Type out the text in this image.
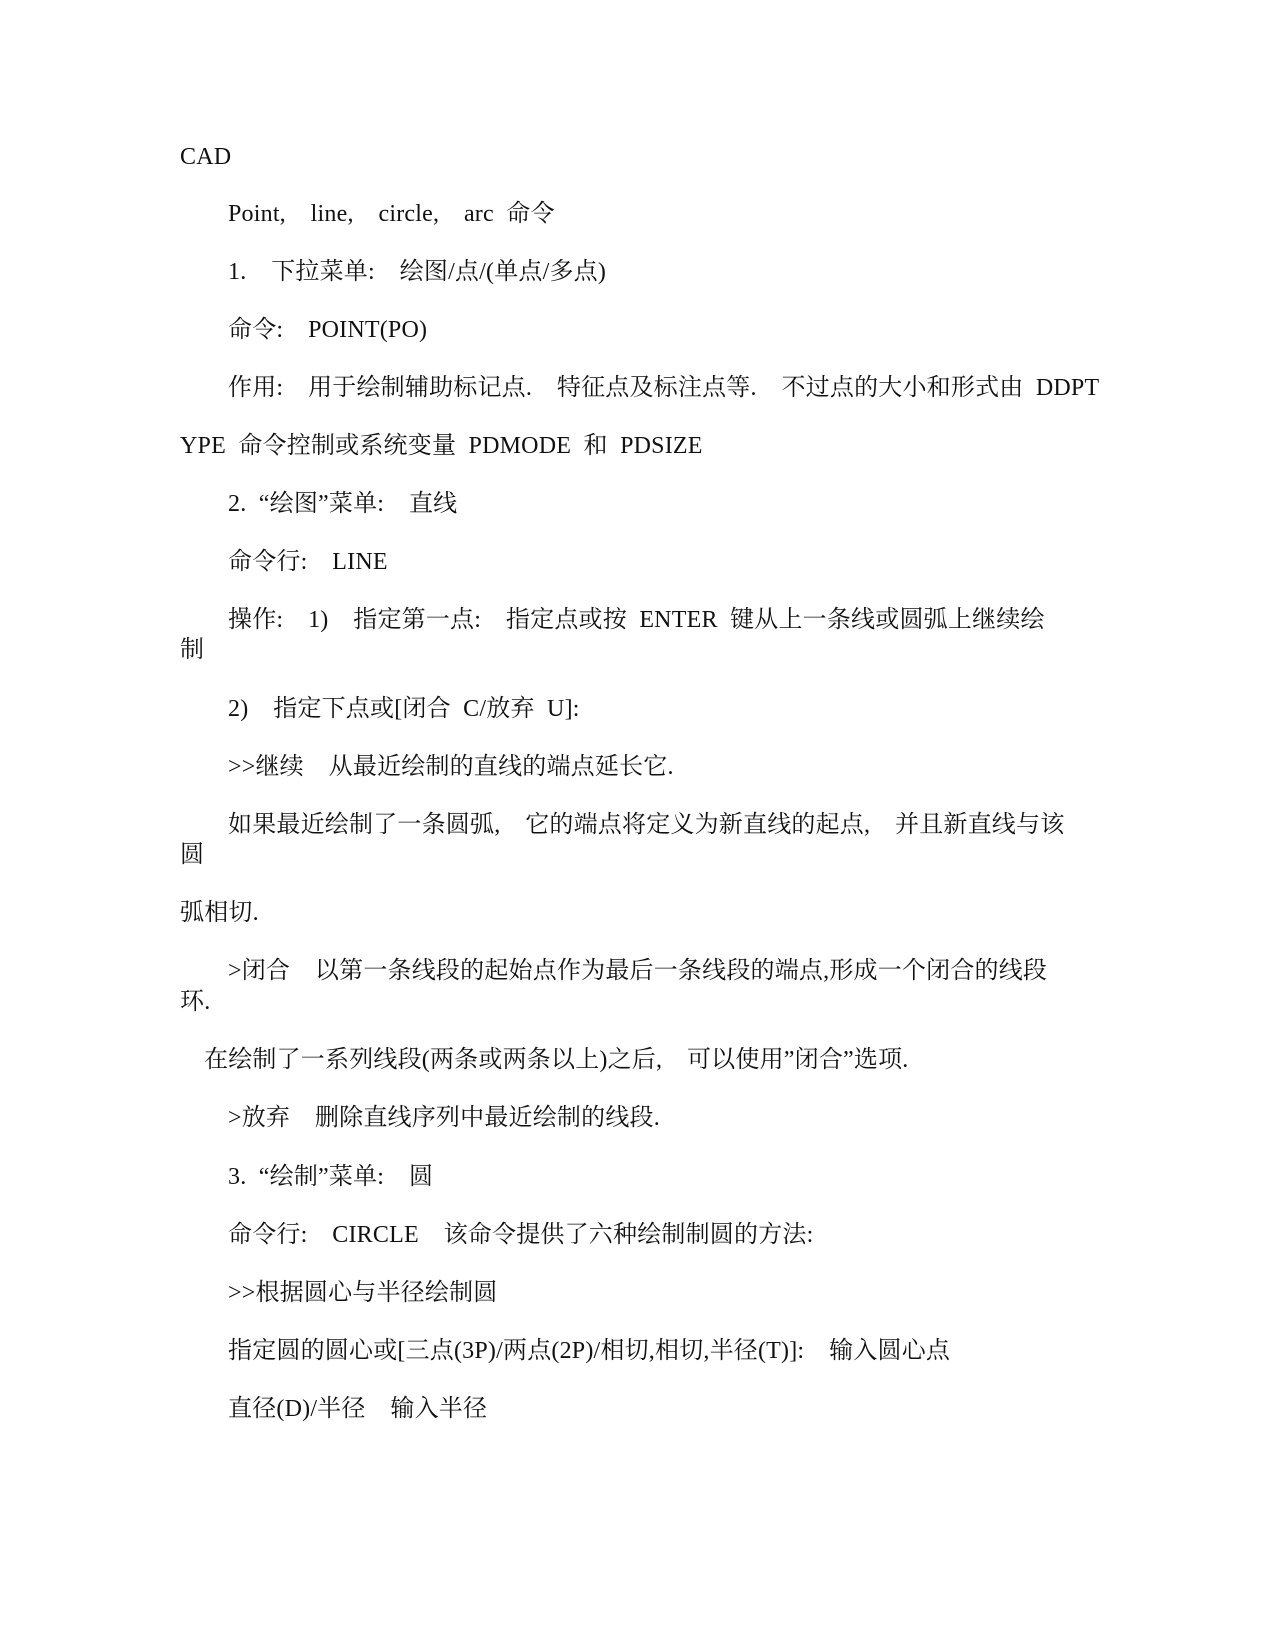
CAD
Point,    line,    circle,    arc  命令
1.    下拉菜单:    绘图/点/(单点/多点)
命令:    POINT(PO)
作用:    用于绘制辅助标记点.    特征点及标注点等.    不过点的大小和形式由  DDPT
YPE  命令控制或系统变量  PDMODE  和  PDSIZE
2.  “绘图”菜单:    直线
命令行:    LINE
操作:    1)    指定第一点:    指定点或按  ENTER  键从上一条线或圆弧上继续绘
制
2)    指定下点或[闭合  C/放弃  U]:
>>继续    从最近绘制的直线的端点延长它.
如果最近绘制了一条圆弧,    它的端点将定义为新直线的起点,    并且新直线与该
圆
弧相切.
>闭合    以第一条线段的起始点作为最后一条线段的端点,形成一个闭合的线段
环.
在绘制了一系列线段(两条或两条以上)之后,    可以使用”闭合”选项.
>放弃    删除直线序列中最近绘制的线段.
3.  “绘制”菜单:    圆
命令行:    CIRCLE    该命令提供了六种绘制制圆的方法:
>>根据圆心与半径绘制圆
指定圆的圆心或[三点(3P)/两点(2P)/相切,相切,半径(T)]:    输入圆心点
直径(D)/半径    输入半径
